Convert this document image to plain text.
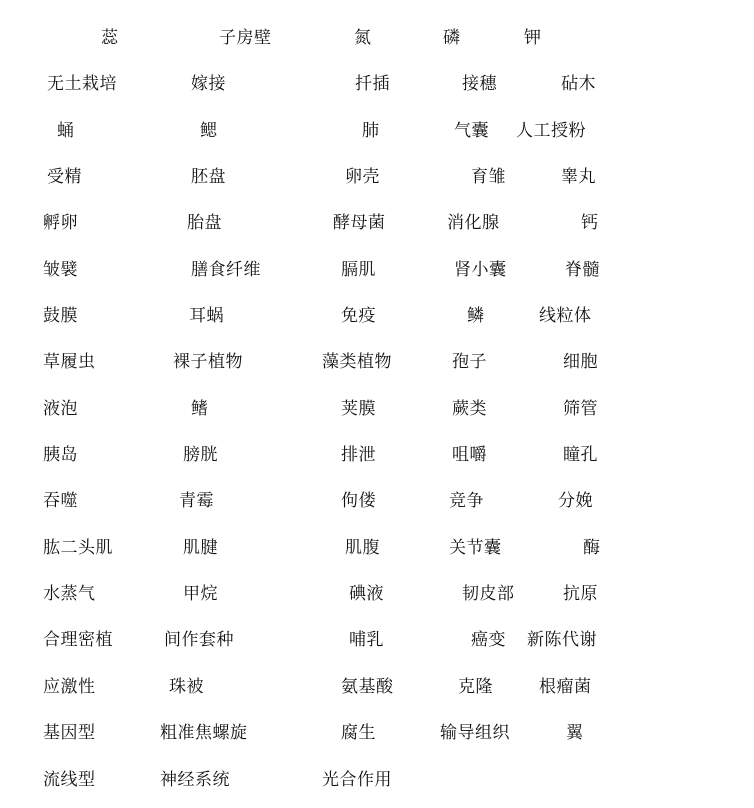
蕊	子房壁	氮	磷	钾
无土栽培	嫁接	扦插	接穗	砧木
蛹	鳃	肺	气囊 人工授粉
受精	胚盘	卵壳	育雏	睾丸
孵卵	胎盘	酵母菌	消化腺	钙
皱襞	膳食纤维	膈肌	肾小囊	脊髓
鼓膜	耳蜗	免疫	鳞	线粒体
草履虫	裸子植物	藻类植物	孢子	细胞
液泡	鳍	荚膜	蕨类	筛管
胰岛	膀胱	排泄	咀嚼	瞳孔
吞噬	青霉	佝偻	竞争	分娩
肱二头肌	肌腱	肌腹	关节囊	酶
水蒸气	甲烷	碘液	韧皮部	抗原
合理密植	间作套种	哺乳	癌变 新陈代谢
应激性	珠被	氨基酸	克隆	根瘤菌
基因型	粗准焦螺旋	腐生	输导组织	翼
流线型	神经系统	光合作用
